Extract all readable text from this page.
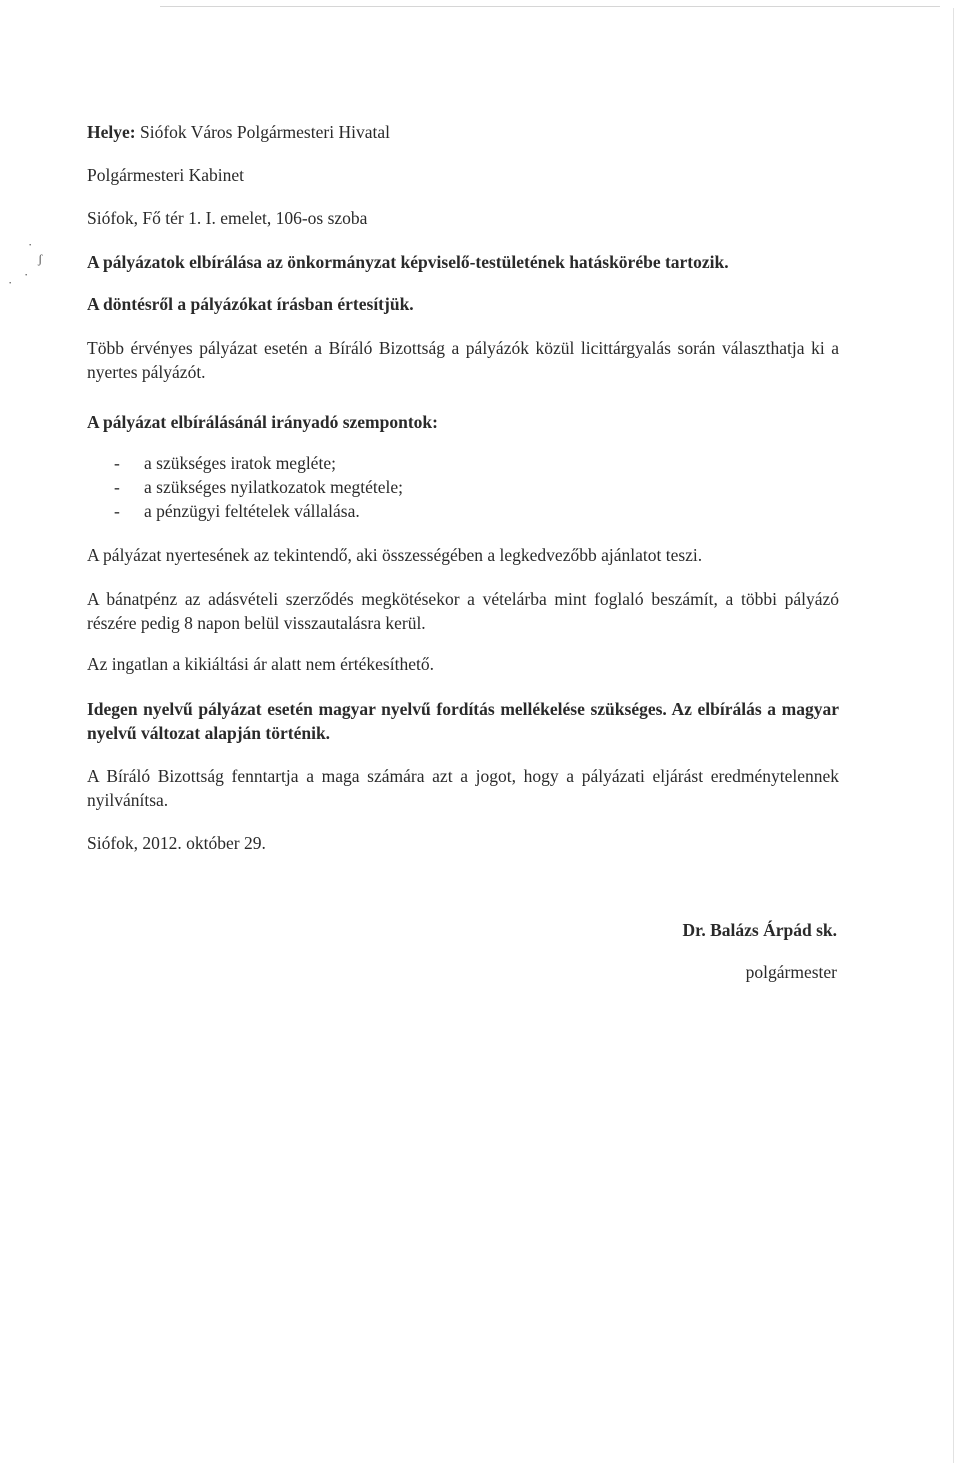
·
ʃ
·
·
Helye: Siófok Város Polgármesteri Hivatal
Polgármesteri Kabinet
Siófok, Fő tér 1. I. emelet, 106-os szoba
A pályázatok elbírálása az önkormányzat képviselő-testületének hatáskörébe tartozik.
A döntésről a pályázókat írásban értesítjük.
Több érvényes pályázat esetén a Bíráló Bizottság a pályázók közül licittárgyalás során választhatja ki a nyertes pályázót.
A pályázat elbírálásánál irányadó szempontok:
- a szükséges iratok megléte;
- a szükséges nyilatkozatok megtétele;
- a pénzügyi feltételek vállalása.
A pályázat nyertesének az tekintendő, aki összességében a legkedvezőbb ajánlatot teszi.
A bánatpénz az adásvételi szerződés megkötésekor a vételárba mint foglaló beszámít, a többi pályázó részére pedig 8 napon belül visszautalásra kerül.
Az ingatlan a kikiáltási ár alatt nem értékesíthető.
Idegen nyelvű pályázat esetén magyar nyelvű fordítás mellékelése szükséges. Az elbírálás a magyar nyelvű változat alapján történik.
A Bíráló Bizottság fenntartja a maga számára azt a jogot, hogy a pályázati eljárást eredménytelennek nyilvánítsa.
Siófok, 2012. október 29.
Dr. Balázs Árpád sk.
polgármester
